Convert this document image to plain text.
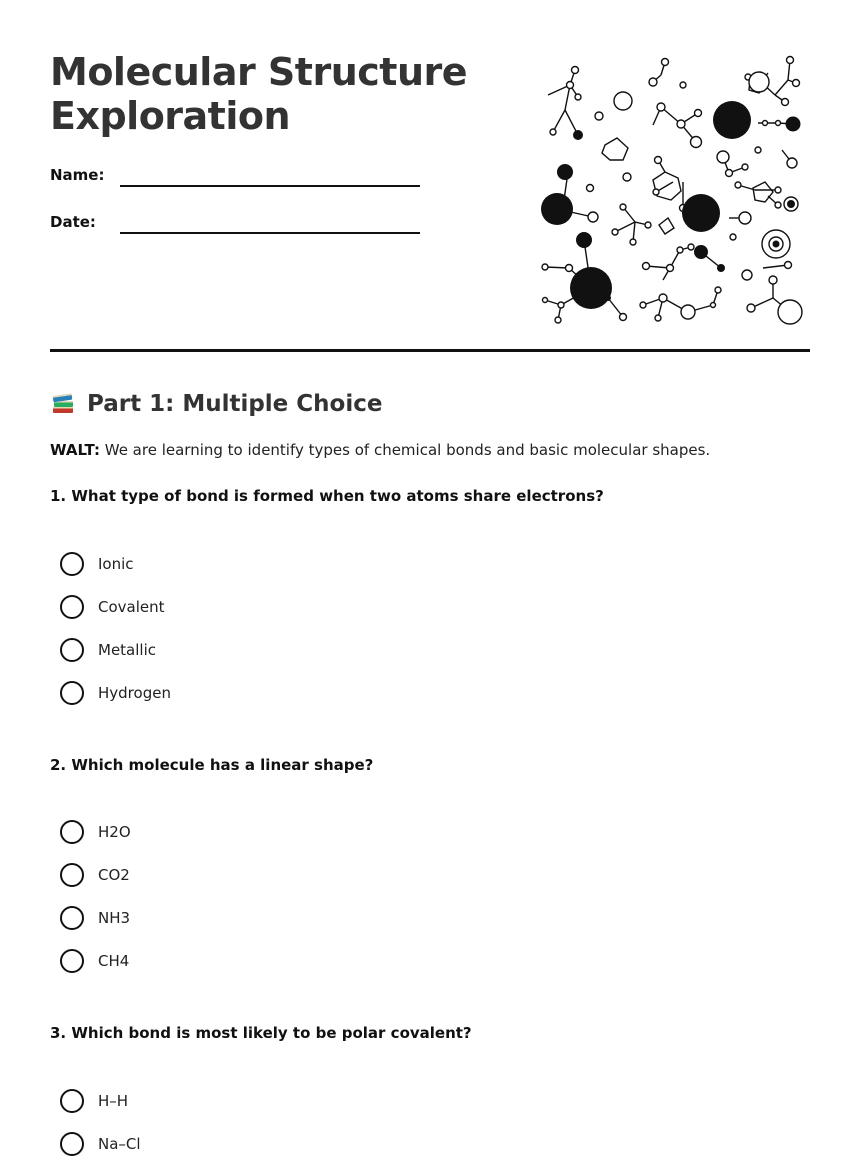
Molecular Structure
Exploration
Name:
Date:
Part 1: Multiple Choice
WALT: We are learning to identify types of chemical bonds and basic molecular shapes.
1. What type of bond is formed when two atoms share electrons?
Ionic
Covalent
Metallic
Hydrogen
2. Which molecule has a linear shape?
H2O
CO2
NH3
CH4
3. Which bond is most likely to be polar covalent?
H–H
Na–Cl
